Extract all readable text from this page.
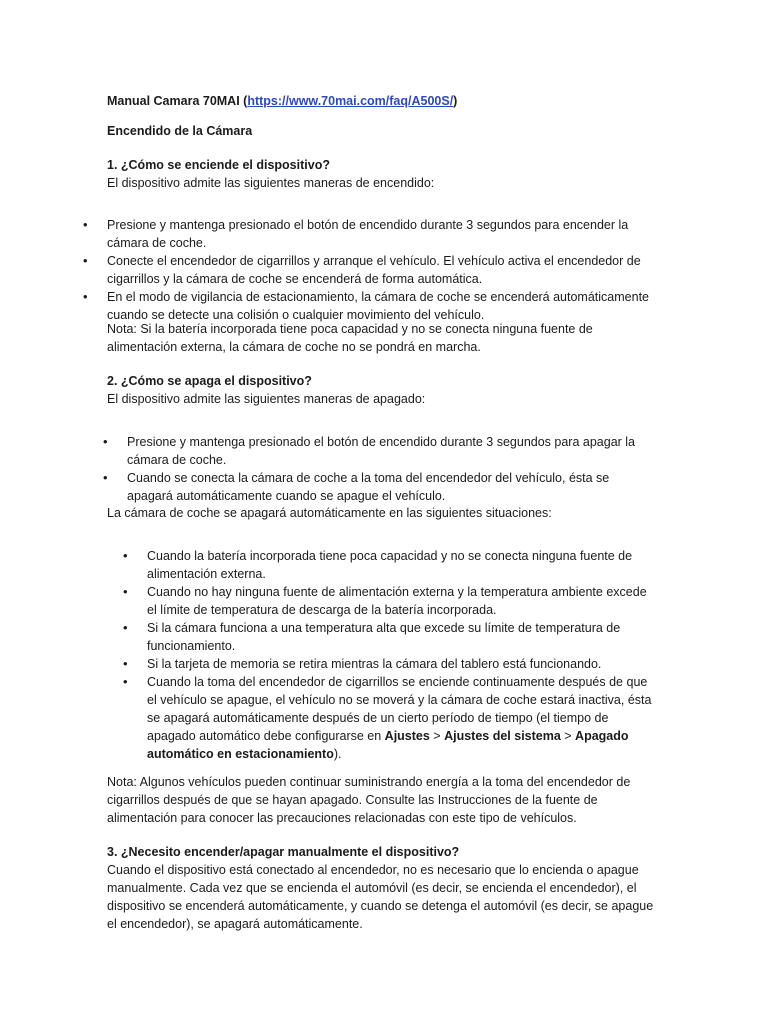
Manual Camara 70MAI (https://www.70mai.com/faq/A500S/)

Encendido de la Cámara

1. ¿Cómo se enciende el dispositivo?

El dispositivo admite las siguientes maneras de encendido:

• Presione y mantenga presionado el botón de encendido durante 3 segundos para encender la cámara de coche.
• Conecte el encendedor de cigarrillos y arranque el vehículo. El vehículo activa el encendedor de cigarrillos y la cámara de coche se encenderá de forma automática.
• En el modo de vigilancia de estacionamiento, la cámara de coche se encenderá automáticamente cuando se detecte una colisión o cualquier movimiento del vehículo.

Nota: Si la batería incorporada tiene poca capacidad y no se conecta ninguna fuente de alimentación externa, la cámara de coche no se pondrá en marcha.

2. ¿Cómo se apaga el dispositivo?

El dispositivo admite las siguientes maneras de apagado:

• Presione y mantenga presionado el botón de encendido durante 3 segundos para apagar la cámara de coche.
• Cuando se conecta la cámara de coche a la toma del encendedor del vehículo, ésta se apagará automáticamente cuando se apague el vehículo.

La cámara de coche se apagará automáticamente en las siguientes situaciones:

• Cuando la batería incorporada tiene poca capacidad y no se conecta ninguna fuente de alimentación externa.
• Cuando no hay ninguna fuente de alimentación externa y la temperatura ambiente excede el límite de temperatura de descarga de la batería incorporada.
• Si la cámara funciona a una temperatura alta que excede su límite de temperatura de funcionamiento.
• Si la tarjeta de memoria se retira mientras la cámara del tablero está funcionando.
• Cuando la toma del encendedor de cigarrillos se enciende continuamente después de que el vehículo se apague, el vehículo no se moverá y la cámara de coche estará inactiva, ésta se apagará automáticamente después de un cierto período de tiempo (el tiempo de apagado automático debe configurarse en Ajustes > Ajustes del sistema > Apagado automático en estacionamiento).

Nota: Algunos vehículos pueden continuar suministrando energía a la toma del encendedor de cigarrillos después de que se hayan apagado. Consulte las Instrucciones de la fuente de alimentación para conocer las precauciones relacionadas con este tipo de vehículos.

3. ¿Necesito encender/apagar manualmente el dispositivo?

Cuando el dispositivo está conectado al encendedor, no es necesario que lo encienda o apague manualmente. Cada vez que se encienda el automóvil (es decir, se encienda el encendedor), el dispositivo se encenderá automáticamente, y cuando se detenga el automóvil (es decir, se apague el encendedor), se apagará automáticamente.
